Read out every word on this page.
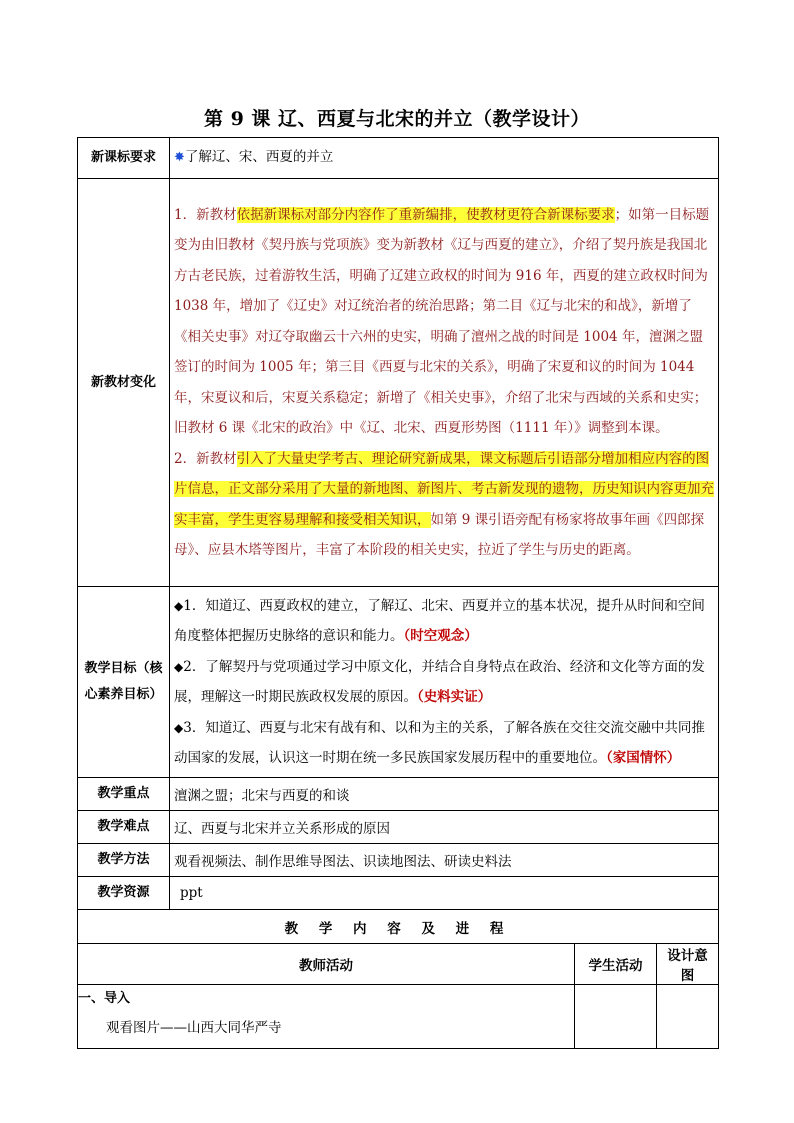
第 9 课 辽、西夏与北宋的并立（教学设计）
新课标要求	✸了解辽、宋、西夏的并立		
新教材变化	1．新教材依据新课标对部分内容作了重新编排，使教材更符合新课标要求；如第一目标题变为由旧教材《契丹族与党项族》变为新教材《辽与西夏的建立》，介绍了契丹族是我国北方古老民族，过着游牧生活，明确了辽建立政权的时间为 916 年，西夏的建立政权时间为 1038 年，增加了《辽史》对辽统治者的统治思路；第二目《辽与北宋的和战》，新增了《相关史事》对辽夺取幽云十六州的史实，明确了澶州之战的时间是 1004 年，澶渊之盟签订的时间为 1005 年；第三目《西夏与北宋的关系》，明确了宋夏和议的时间为 1044 年，宋夏议和后，宋夏关系稳定；新增了《相关史事》，介绍了北宋与西域的关系和史实；旧教材 6 课《北宋的政治》中《辽、北宋、西夏形势图（1111 年）》调整到本课。
2．新教材引入了大量史学考古、理论研究新成果，课文标题后引语部分增加相应内容的图片信息，正文部分采用了大量的新地图、新图片、考古新发现的遗物，历史知识内容更加充实丰富，学生更容易理解和接受相关知识，如第 9 课引语旁配有杨家将故事年画《四郎探母》、应县木塔等图片，丰富了本阶段的相关史实，拉近了学生与历史的距离。		

教学目标（核心素养目标）	◆1．知道辽、西夏政权的建立，了解辽、北宋、西夏并立的基本状况，提升从时间和空间角度整体把握历史脉络的意识和能力。（时空观念）
◆2．了解契丹与党项通过学习中原文化，并结合自身特点在政治、经济和文化等方面的发展，理解这一时期民族政权发展的原因。（史料实证）
◆3．知道辽、西夏与北宋有战有和、以和为主的关系，了解各族在交往交流交融中共同推动国家的发展，认识这一时期在统一多民族国家发展历程中的重要地位。（家国情怀）		

教学重点	澶渊之盟；北宋与西夏的和谈		
教学难点	辽、西夏与北宋并立关系形成的原因		
教学方法	观看视频法、制作思维导图法、识读地图法、研读史料法		
教学资源	ppt		
教 学 内 容 及 进 程			
教师活动		学生活动	设计意图

一、导入
观看图片——山西大同华严寺			
